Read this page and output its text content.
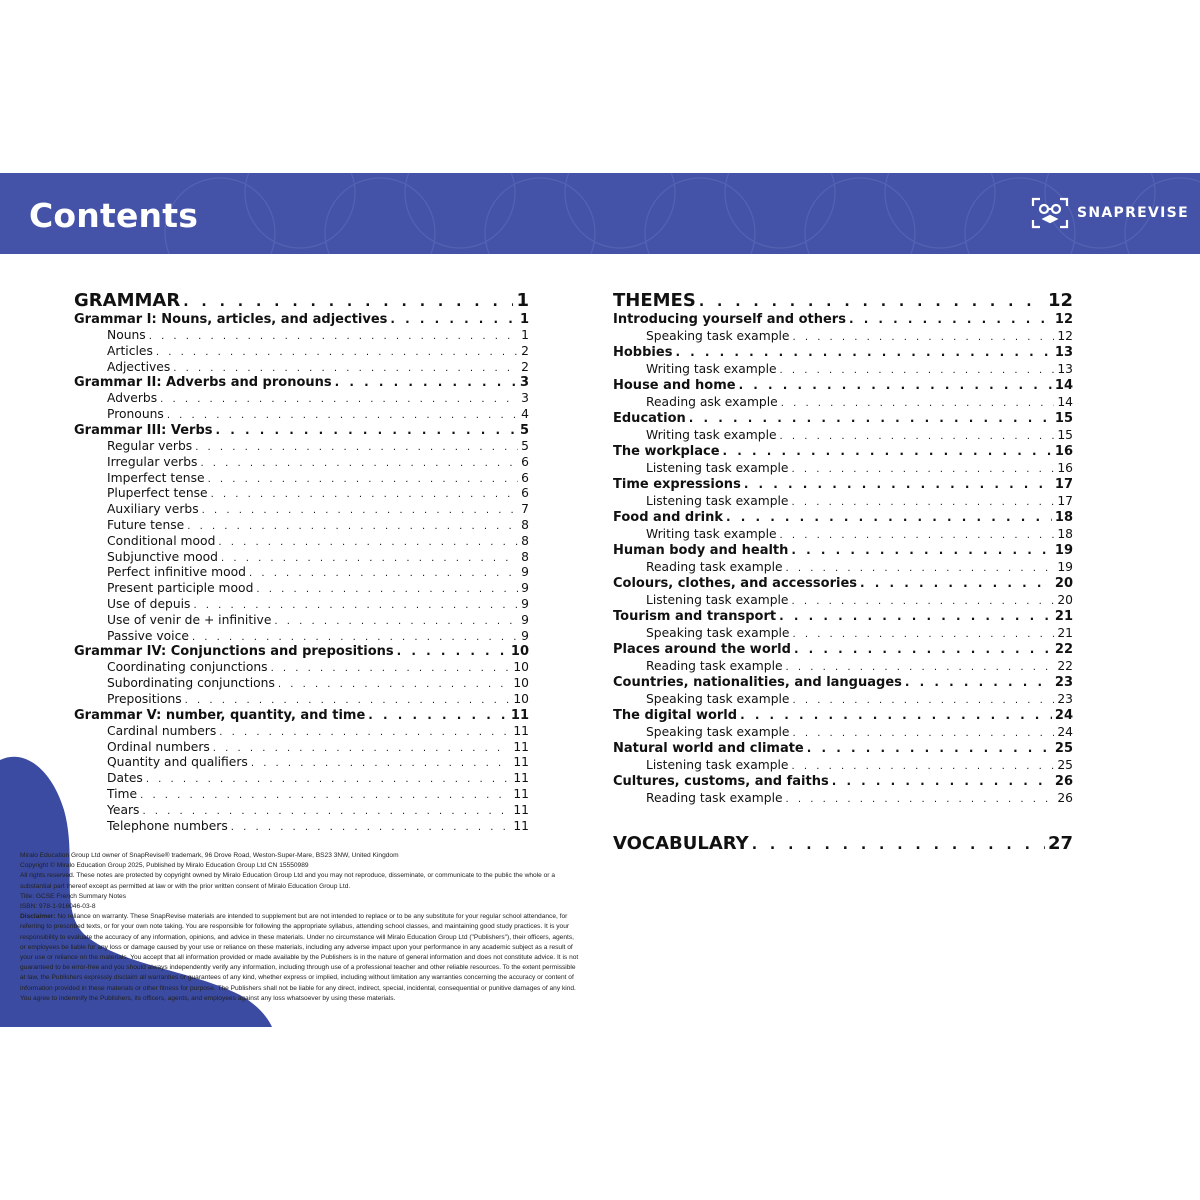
Contents	SNAPREVISE
GRAMMAR . . .	1
Grammar I: Nouns, articles, and adjectives . . .	1
Nouns . . .	1
Articles . . .	2
Adjectives . . .	2
Grammar II: Adverbs and pronouns . . .	3
Adverbs . . .	3
Pronouns . . .	4
Grammar III: Verbs . . .	5
Regular verbs . . .	5
Irregular verbs . . .	6
Imperfect tense . . .	6
Pluperfect tense . . .	6
Auxiliary verbs . . .	7
Future tense . . .	8
Conditional mood . . .	8
Subjunctive mood . . .	8
Perfect infinitive mood . . .	9
Present participle mood . . .	9
Use of depuis . . .	9
Use of venir de + infinitive . . .	9
Passive voice . . .	9
Grammar IV: Conjunctions and prepositions . . .	10
Coordinating conjunctions . . .	10
Subordinating conjunctions . . .	10
Prepositions . . .	10
Grammar V: number, quantity, and time . . .	11
Cardinal numbers . . .	11
Ordinal numbers . . .	11
Quantity and qualifiers . . .	11
Dates . . .	11
Time . . .	11
Years . . .	11
Telephone numbers . . .	11
THEMES . . .	12
Introducing yourself and others . . .	12
Speaking task example . . .	12
Hobbies . . .	13
Writing task example . . .	13
House and home . . .	14
Reading ask example . . .	14
Education . . .	15
Writing task example . . .	15
The workplace . . .	16
Listening task example . . .	16
Time expressions . . .	17
Listening task example . . .	17
Food and drink . . .	18
Writing task example . . .	18
Human body and health . . .	19
Reading task example . . .	19
Colours, clothes, and accessories . . .	20
Listening task example . . .	20
Tourism and transport . . .	21
Speaking task example . . .	21
Places around the world . . .	22
Reading task example . . .	22
Countries, nationalities, and languages . . .	23
Speaking task example . . .	23
The digital world . . .	24
Speaking task example . . .	24
Natural world and climate . . .	25
Listening task example . . .	25
Cultures, customs, and faiths . . .	26
Reading task example . . .	26
VOCABULARY . . .	27
Miralo Education Group Ltd owner of SnapRevise® trademark, 96 Drove Road, Weston-Super-Mare, BS23 3NW, United Kingdom
Copyright © Miralo Education Group 2025, Published by Miralo Education Group Ltd CN 15550989
All rights reserved. These notes are protected by copyright owned by Miralo Education Group Ltd and you may not reproduce, disseminate, or communicate to the public the whole or a
substantial part thereof except as permitted at law or with the prior written consent of Miralo Education Group Ltd.
Title: GCSE French Summary Notes
ISBN: 978-1-916046-03-8
Disclaimer: No reliance on warranty. These SnapRevise materials are intended to supplement but are not intended to replace or to be any substitute for your regular school attendance, for
referring to prescribed texts, or for your own note taking. You are responsible for following the appropriate syllabus, attending school classes, and maintaining good study practices. It is your
responsibility to evaluate the accuracy of any information, opinions, and advice in these materials. Under no circumstance will Miralo Education Group Ltd ("Publishers"), their officers, agents,
or employees be liable for any loss or damage caused by your use or reliance on these materials, including any adverse impact upon your performance in any academic subject as a result of
your use or reliance on the materials. You accept that all information provided or made available by the Publishers is in the nature of general information and does not constitute advice. It is not
guaranteed to be error-free and you should always independently verify any information, including through use of a professional teacher and other reliable resources. To the extent permissible
at law, the Publishers expressly disclaim all warranties or guarantees of any kind, whether express or implied, including without limitation any warranties concerning the accuracy or content of
information provided in these materials or other fitness for purpose. The Publishers shall not be liable for any direct, indirect, special, incidental, consequential or punitive damages of any kind.
You agree to indemnify the Publishers, its officers, agents, and employees against any loss whatsoever by using these materials.
